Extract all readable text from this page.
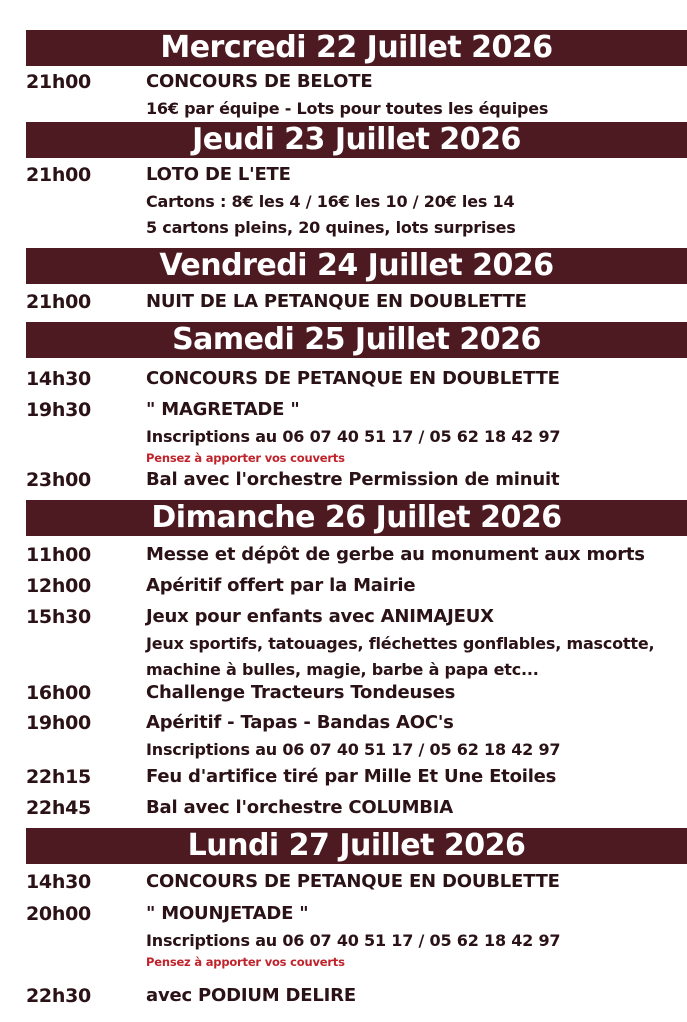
Mercredi 22 Juillet 2026
21h00	CONCOURS DE BELOTE
16€ par équipe - Lots pour toutes les équipes
Jeudi 23 Juillet 2026
21h00	LOTO DE L'ETE
Cartons : 8€ les 4 / 16€ les 10 / 20€ les 14
5 cartons pleins, 20 quines, lots surprises
Vendredi 24 Juillet 2026
21h00	NUIT DE LA PETANQUE EN DOUBLETTE
Samedi 25 Juillet 2026
14h30	CONCOURS DE PETANQUE EN DOUBLETTE
19h30	" MAGRETADE "
Inscriptions au 06 07 40 51 17 / 05 62 18 42 97
Pensez à apporter vos couverts
23h00	Bal avec l'orchestre Permission de minuit
Dimanche 26 Juillet 2026
11h00	Messe et dépôt de gerbe au monument aux morts
12h00	Apéritif offert par la Mairie
15h30	Jeux pour enfants avec ANIMAJEUX
Jeux sportifs, tatouages, fléchettes gonflables, mascotte,
machine à bulles, magie, barbe à papa etc...
16h00	Challenge Tracteurs Tondeuses
19h00	Apéritif - Tapas - Bandas AOC's
Inscriptions au 06 07 40 51 17 / 05 62 18 42 97
22h15	Feu d'artifice tiré par Mille Et Une Etoiles
22h45	Bal avec l'orchestre COLUMBIA
Lundi 27 Juillet 2026
14h30	CONCOURS DE PETANQUE EN DOUBLETTE
20h00	" MOUNJETADE "
Inscriptions au 06 07 40 51 17 / 05 62 18 42 97
Pensez à apporter vos couverts
22h30	avec PODIUM DELIRE
